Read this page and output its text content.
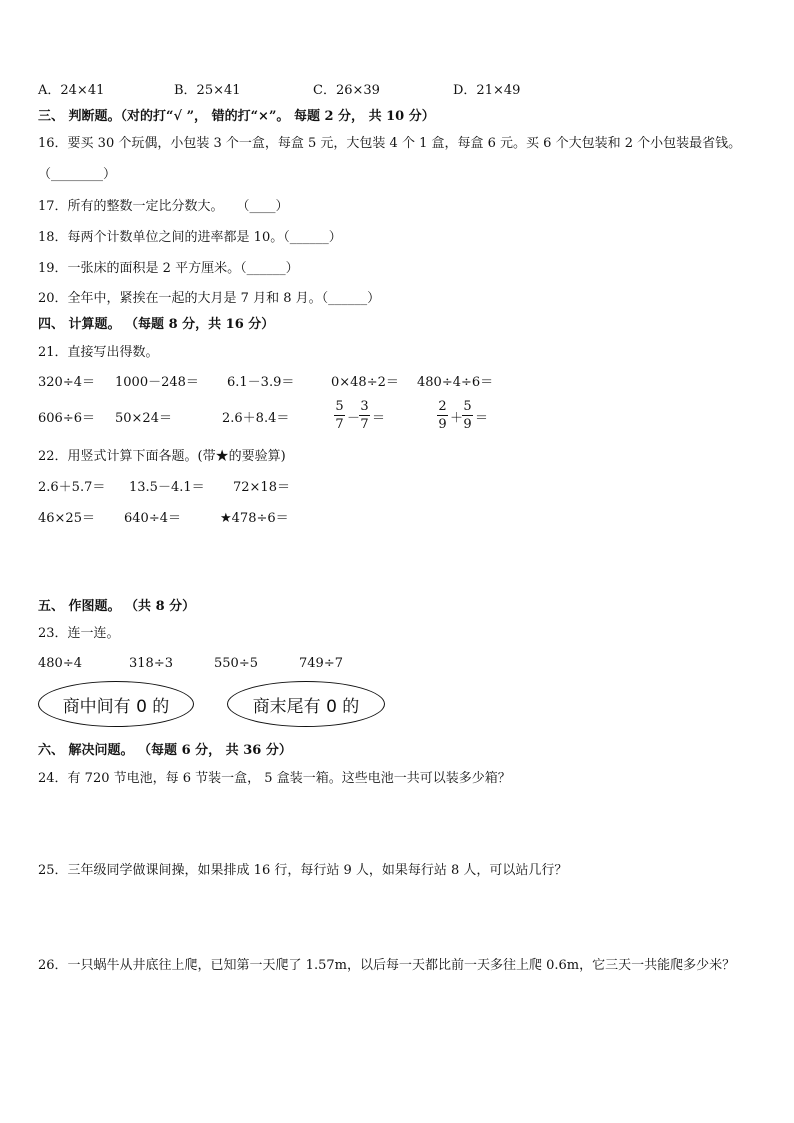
A．24×41	B．25×41	C．26×39	D．21×49
三、 判断题。（对的打“√ ”， 错的打“×”。 每题 2 分， 共 10 分）
16．要买 30 个玩偶，小包装 3 个一盒，每盒 5 元，大包装 4 个 1 盒，每盒 6 元。买 6 个大包装和 2 个小包装最省钱。
（________）
17．所有的整数一定比分数大。　　（____）
18．每两个计数单位之间的进率都是 10。（______）
19．一张床的面积是 2 平方厘米。（______）
20．全年中，紧挨在一起的大月是 7 月和 8 月。（______）
四、 计算题。 （每题 8 分，共 16 分）
21．直接写出得数。
320÷4＝ 1000－248＝ 6.1－3.9＝	0×48÷2＝ 480÷4÷6＝
606÷6＝ 50×24＝	2.6＋8.4＝
5
7 －
3
7 ＝
2
9 ＋
5
9 ＝
22．用竖式计算下面各题。(带★的要验算)
2.6＋5.7＝ 13.5－4.1＝ 72×18＝
46×25＝ 640÷4＝	★478÷6＝
五、 作图题。 （共 8 分）
23．连一连。
480÷4	318÷3	550÷5	749÷7
商中间有 0 的	商末尾有 0 的
六、 解决问题。 （每题 6 分， 共 36 分）
24．有 720 节电池，每 6 节装一盒， 5 盒装一箱。这些电池一共可以装多少箱？
25．三年级同学做课间操，如果排成 16 行，每行站 9 人，如果每行站 8 人，可以站几行？
26．一只蜗牛从井底往上爬，已知第一天爬了 1.57m，以后每一天都比前一天多往上爬 0.6m，它三天一共能爬多少米？
